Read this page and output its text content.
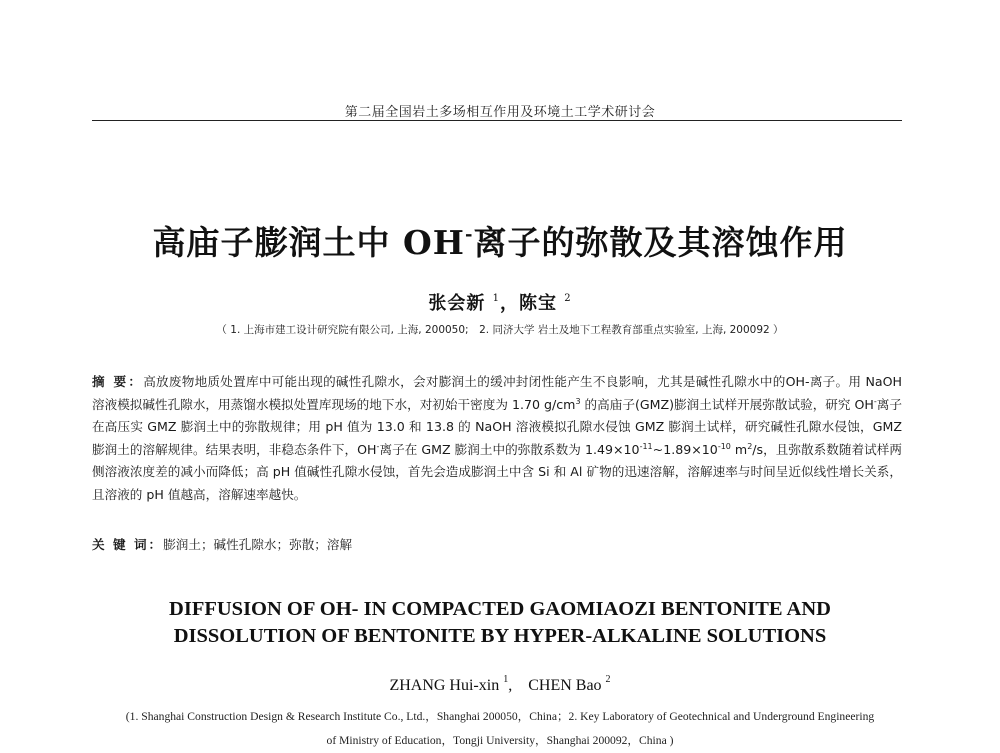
第二届全国岩土多场相互作用及环境土工学术研讨会
高庙子膨润土中 OH-离子的弥散及其溶蚀作用
张会新 $^1$，陈宝 $^2$
（ 1. 上海市建工设计研究院有限公司, 上海, 200050;　2. 同济大学 岩土及地下工程教育部重点实验室, 上海, 200092 ）
摘 要：高放废物地质处置库中可能出现的碱性孔隙水，会对膨润土的缓冲封闭性能产生不良影响，尤其是碱性孔隙水中的OH-离子。用 NaOH 溶液模拟碱性孔隙水，用蒸馏水模拟处置库现场的地下水，对初始干密度为 1.70 $g/cm^3$ 的高庙子(GMZ)膨润土试样开展弥散试验，研究 OH-离子在高压实 GMZ 膨润土中的弥散规律；用 pH 值为 13.0 和 13.8 的 NaOH 溶液模拟孔隙水侵蚀 GMZ 膨润土试样，研究碱性孔隙水侵蚀，GMZ 膨润土的溶解规律。结果表明，非稳态条件下，OH-离子在 GMZ 膨润土中的弥散系数为 $1.49\times 10^{-11}\sim 1.89\times 10^{-10}$ $m^2/s$，且弥散系数随着试样两侧溶液浓度差的减小而降低；高 pH 值碱性孔隙水侵蚀，首先会造成膨润土中含 Si 和 Al 矿物的迅速溶解，溶解速率与时间呈近似线性增长关系，且溶液的 pH 值越高，溶解速率越快。
关 键 词：膨润土；碱性孔隙水；弥散；溶解
DIFFUSION OF OH- IN COMPACTED GAOMIAOZI BENTONITE AND
DISSOLUTION OF BENTONITE BY HYPER-ALKALINE SOLUTIONS
ZHANG Hui-xin $^1$,　CHEN Bao $^2$
(1. Shanghai Construction Design & Research Institute Co., Ltd.，Shanghai 200050，China；2. Key Laboratory of Geotechnical and Underground Engineering
of Ministry of Education，Tongji University，Shanghai 200092，China )
